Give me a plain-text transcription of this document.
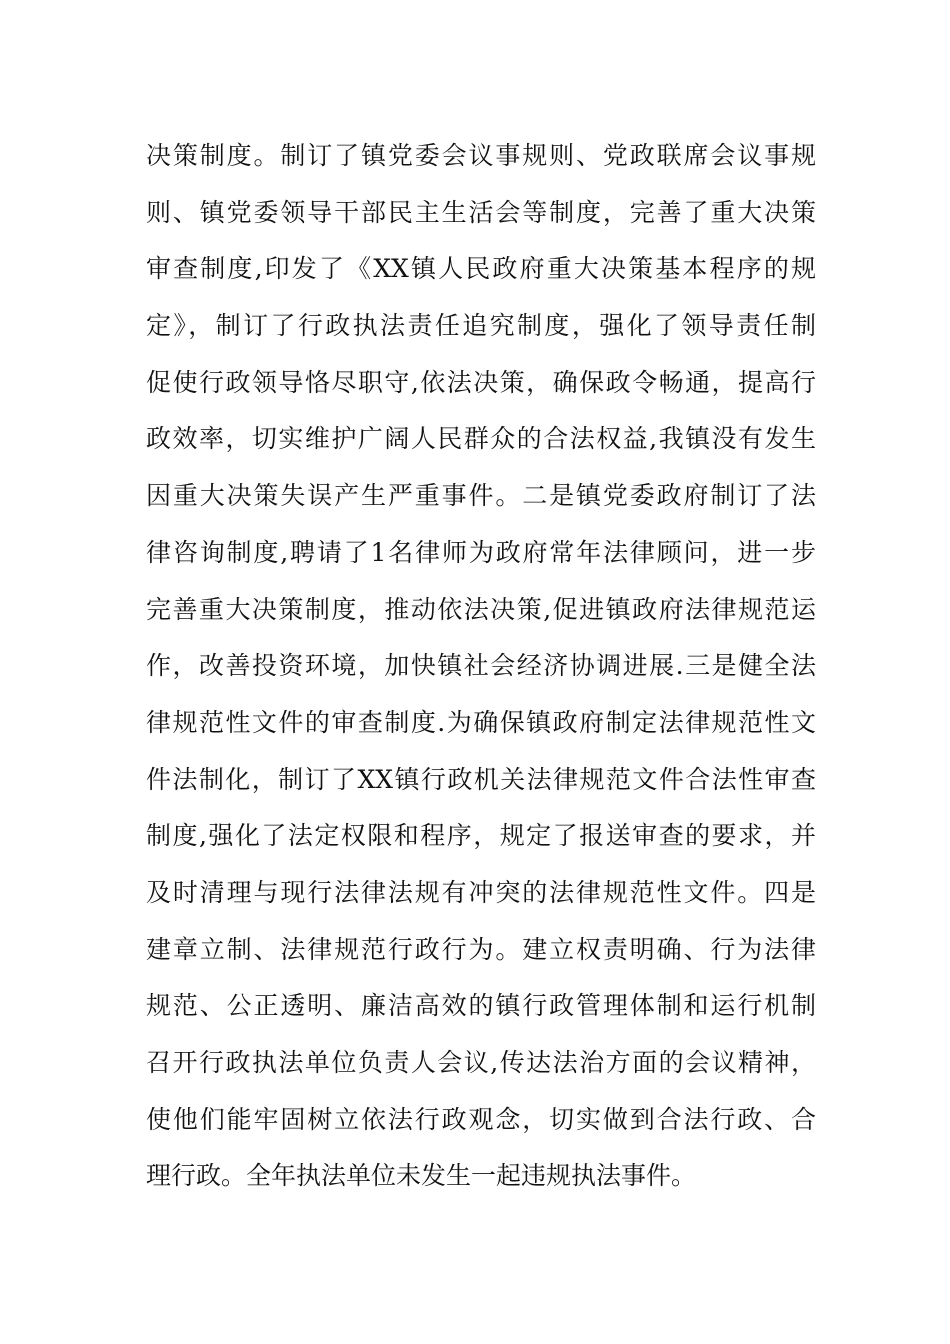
决策制度。制订了镇党委会议事规则、党政联席会议事规
则、镇党委领导干部民主生活会等制度，完善了重大决策
审查制度,印发了《XX镇人民政府重大决策基本程序的规
定》，制订了行政执法责任追究制度，强化了领导责任制
促使行政领导恪尽职守,依法决策，确保政令畅通，提高行
政效率，切实维护广阔人民群众的合法权益,我镇没有发生
因重大决策失误产生严重事件。二是镇党委政府制订了法
律咨询制度,聘请了1名律师为政府常年法律顾问，进一步
完善重大决策制度，推动依法决策,促进镇政府法律规范运
作，改善投资环境，加快镇社会经济协调进展.三是健全法
律规范性文件的审查制度.为确保镇政府制定法律规范性文
件法制化，制订了XX镇行政机关法律规范文件合法性审查
制度,强化了法定权限和程序，规定了报送审查的要求，并
及时清理与现行法律法规有冲突的法律规范性文件。四是
建章立制、法律规范行政行为。建立权责明确、行为法律
规范、公正透明、廉洁高效的镇行政管理体制和运行机制
召开行政执法单位负责人会议,传达法治方面的会议精神，
使他们能牢固树立依法行政观念，切实做到合法行政、合
理行政。全年执法单位未发生一起违规执法事件。
